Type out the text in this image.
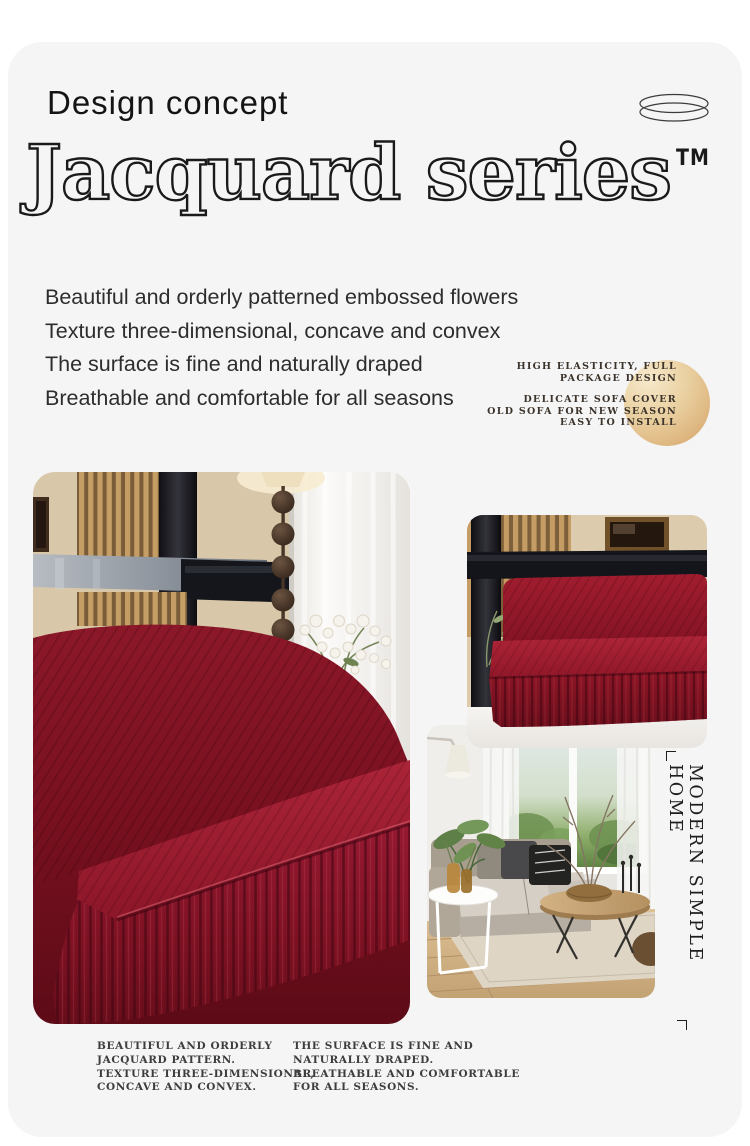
Design concept
Jacquard series TM
Beautiful and orderly patterned embossed flowers
Texture three-dimensional, concave and convex
The surface is fine and naturally draped
Breathable and comfortable for all seasons
HIGH ELASTICITY, FULL
PACKAGE DESIGN
DELICATE SOFA COVER
OLD SOFA FOR NEW SEASON
EASY TO INSTALL
MODERN SIMPLE HOME
BEAUTIFUL AND ORDERLY
JACQUARD PATTERN.
TEXTURE THREE-DIMENSIONAL,
CONCAVE AND CONVEX.
THE SURFACE IS FINE AND
NATURALLY DRAPED.
BREATHABLE AND COMFORTABLE
FOR ALL SEASONS.
